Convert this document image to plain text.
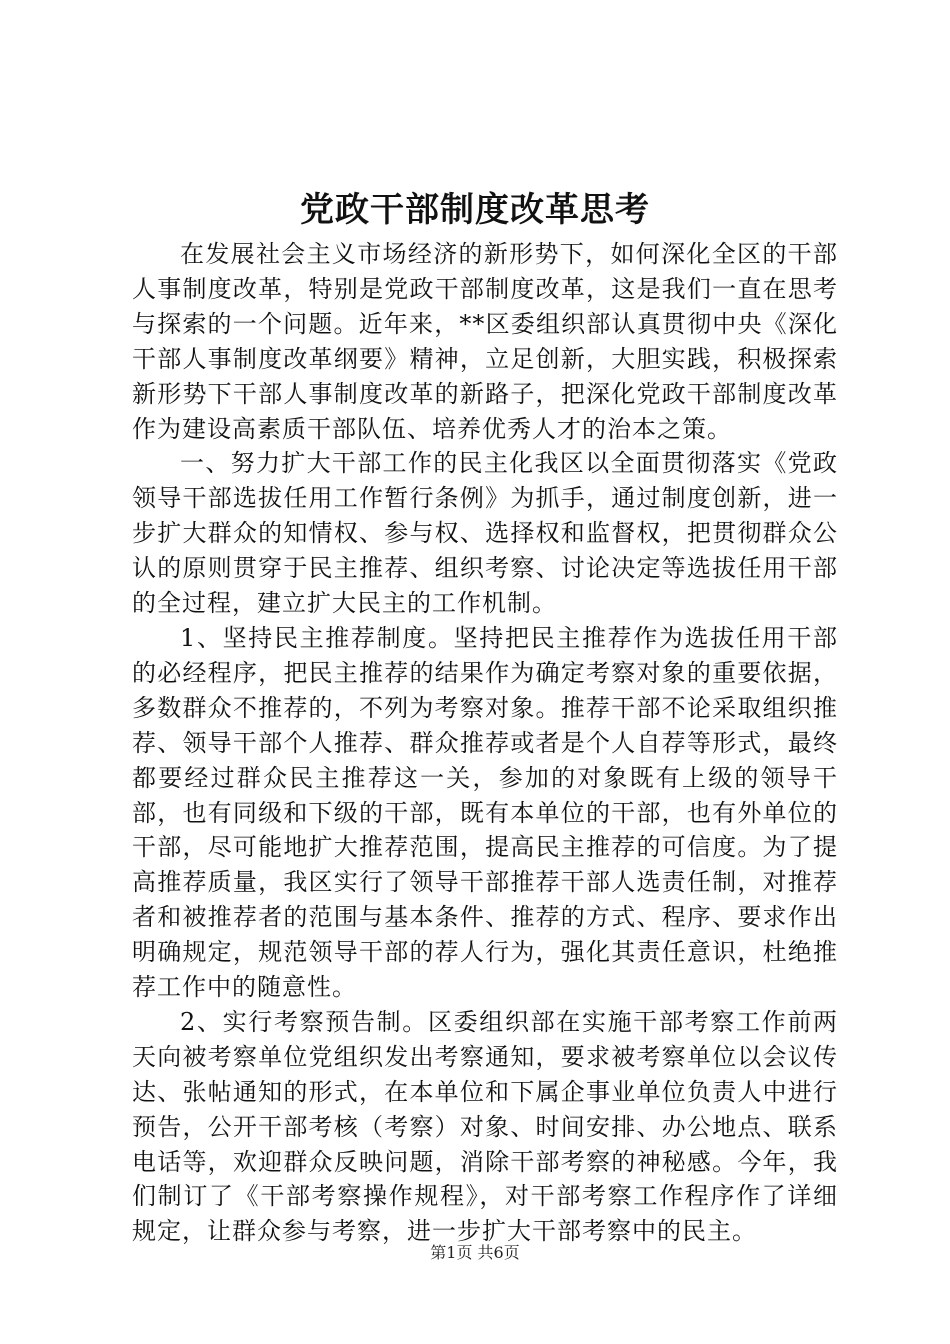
党政干部制度改革思考

在发展社会主义市场经济的新形势下，如何深化全区的干部人事制度改革，特别是党政干部制度改革，这是我们一直在思考与探索的一个问题。近年来，**区委组织部认真贯彻中央《深化干部人事制度改革纲要》精神，立足创新，大胆实践，积极探索新形势下干部人事制度改革的新路子，把深化党政干部制度改革作为建设高素质干部队伍、培养优秀人才的治本之策。

一、努力扩大干部工作的民主化我区以全面贯彻落实《党政领导干部选拔任用工作暂行条例》为抓手，通过制度创新，进一步扩大群众的知情权、参与权、选择权和监督权，把贯彻群众公认的原则贯穿于民主推荐、组织考察、讨论决定等选拔任用干部的全过程，建立扩大民主的工作机制。

1、坚持民主推荐制度。坚持把民主推荐作为选拔任用干部的必经程序，把民主推荐的结果作为确定考察对象的重要依据，多数群众不推荐的，不列为考察对象。推荐干部不论采取组织推荐、领导干部个人推荐、群众推荐或者是个人自荐等形式，最终都要经过群众民主推荐这一关，参加的对象既有上级的领导干部，也有同级和下级的干部，既有本单位的干部，也有外单位的干部，尽可能地扩大推荐范围，提高民主推荐的可信度。为了提高推荐质量，我区实行了领导干部推荐干部人选责任制，对推荐者和被推荐者的范围与基本条件、推荐的方式、程序、要求作出明确规定，规范领导干部的荐人行为，强化其责任意识，杜绝推荐工作中的随意性。

2、实行考察预告制。区委组织部在实施干部考察工作前两天向被考察单位党组织发出考察通知，要求被考察单位以会议传达、张帖通知的形式，在本单位和下属企事业单位负责人中进行预告，公开干部考核（考察）对象、时间安排、办公地点、联系电话等，欢迎群众反映问题，消除干部考察的神秘感。今年，我们制订了《干部考察操作规程》，对干部考察工作程序作了详细规定，让群众参与考察，进一步扩大干部考察中的民主。

第1页 共6页
